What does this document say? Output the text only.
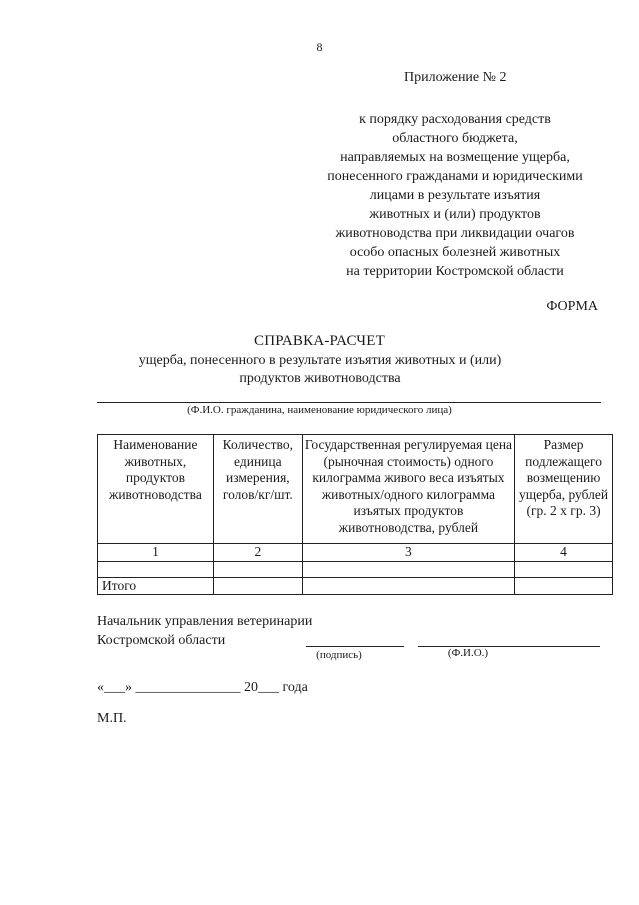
8
Приложение № 2
к порядку расходования средств
областного бюджета,
направляемых на возмещение ущерба,
понесенного гражданами и юридическими
лицами в результате изъятия
животных и (или) продуктов
животноводства при ликвидации очагов
особо опасных болезней животных
на территории Костромской области
ФОРМА
СПРАВКА-РАСЧЕТ
ущерба, понесенного в результате изъятия животных и (или) продуктов животноводства
(Ф.И.О. гражданина, наименование юридического лица)
Наименование животных, продуктов животноводства	Количество, единица измерения, голов/кг/шт.	Государственная регулируемая цена (рыночная стоимость) одного килограмма живого веса изъятых животных/одного килограмма изъятых продуктов животноводства, рублей	Размер подлежащего возмещению ущерба, рублей (гр. 2 х гр. 3)
1	2	3	4

Итого			
Начальник управления ветеринарии
Костромской области
(подпись)	(Ф.И.О.)
«___» _______________ 20___ года
М.П.
